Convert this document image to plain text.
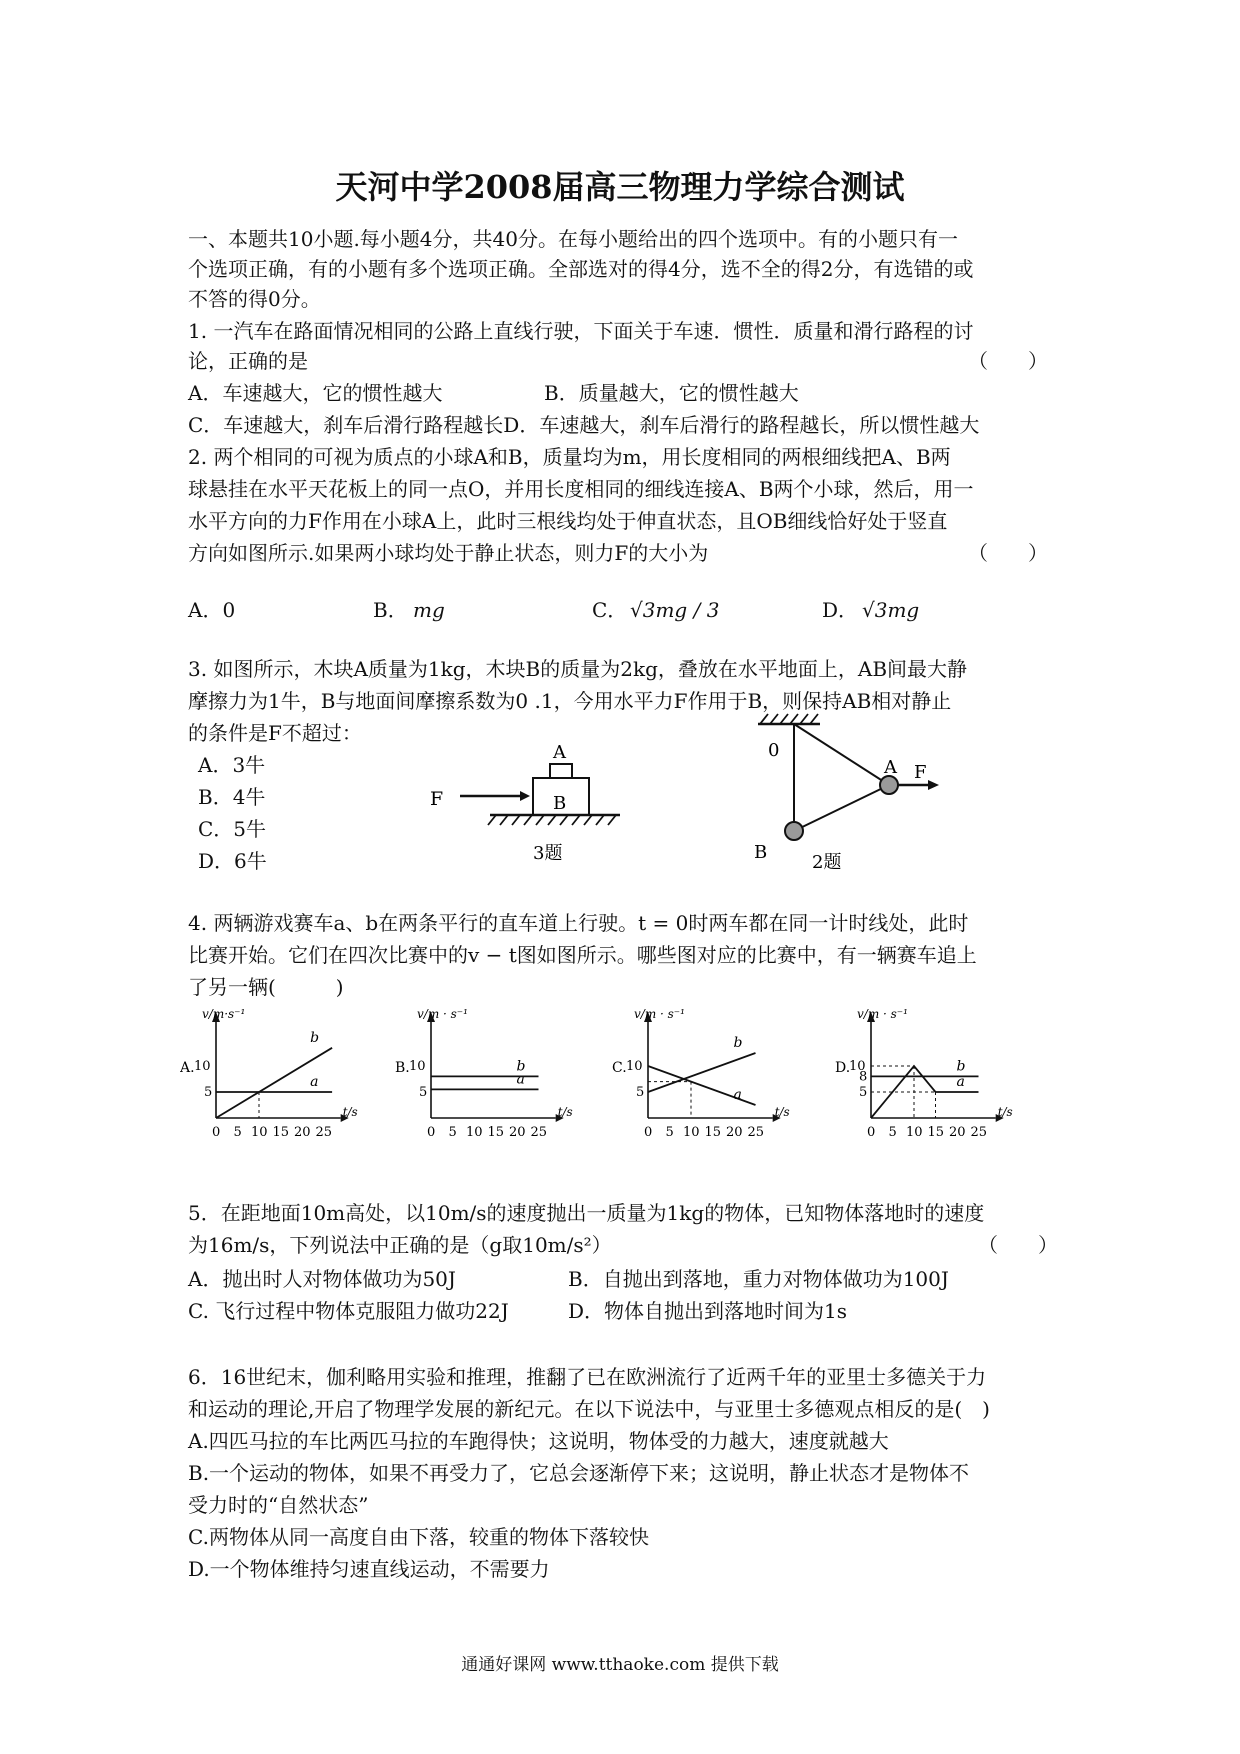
天河中学2008届高三物理力学综合测试
一、本题共10小题.每小题4分，共40分。在每小题给出的四个选项中。有的小题只有一
个选项正确，有的小题有多个选项正确。全部选对的得4分，选不全的得2分，有选错的或
不答的得0分。
1. 一汽车在路面情况相同的公路上直线行驶，下面关于车速．惯性．质量和滑行路程的讨
论，正确的是	（　　）
A．车速越大，它的惯性越大	B．质量越大，它的惯性越大
C．车速越大，刹车后滑行路程越长D．车速越大，刹车后滑行的路程越长，所以惯性越大
2. 两个相同的可视为质点的小球A和B，质量均为m，用长度相同的两根细线把A、B两
球悬挂在水平天花板上的同一点O，并用长度相同的细线连接A、B两个小球，然后，用一
水平方向的力F作用在小球A上，此时三根线均处于伸直状态，且OB细线恰好处于竖直
方向如图所示.如果两小球均处于静止状态，则力F的大小为	（　　）
A．0	B． mg	C． √3mg / 3	D． √3mg
3. 如图所示，木块A质量为1kg，木块B的质量为2kg，叠放在水平地面上，AB间最大静
摩擦力为1牛，B与地面间摩擦系数为0 .1，今用水平力F作用于B，则保持AB相对静止
的条件是F不超过：
A．3牛
B．4牛
C．5牛
D．6牛
F
A
B
3题
0
A F
B 2题
4. 两辆游戏赛车a、b在两条平行的直车道上行驶。t = 0时两车都在同一计时线处，此时
比赛开始。它们在四次比赛中的v − t图如图所示。哪些图对应的比赛中，有一辆赛车追上
了另一辆(　　　)
A.
v/m·s⁻¹
t/s
0 5 10 15 20 25
5
10
a
b
B.
v/m · s⁻¹
t/s
0 5 10 15 20 25
5
10
a
b	C.
v/m · s⁻¹
t/s
0 5 10 15 20 25
5
10
a
b
D.
v/m · s⁻¹
t/s
0 5 10 15 20 25
5
8
10
a
b
5．在距地面10m高处，以10m/s的速度抛出一质量为1kg的物体，已知物体落地时的速度
为16m/s，下列说法中正确的是（g取10m/s²）	（　　）
A．抛出时人对物体做功为50J	B．自抛出到落地，重力对物体做功为100J
C. 飞行过程中物体克服阻力做功22J	D．物体自抛出到落地时间为1s
6．16世纪末，伽利略用实验和推理，推翻了已在欧洲流行了近两千年的亚里士多德关于力
和运动的理论,开启了物理学发展的新纪元。在以下说法中，与亚里士多德观点相反的是(　)
A.四匹马拉的车比两匹马拉的车跑得快；这说明，物体受的力越大，速度就越大
B.一个运动的物体，如果不再受力了，它总会逐渐停下来；这说明，静止状态才是物体不
受力时的“自然状态”
C.两物体从同一高度自由下落，较重的物体下落较快
D.一个物体维持匀速直线运动，不需要力
通通好课网 www.tthaoke.com 提供下载
